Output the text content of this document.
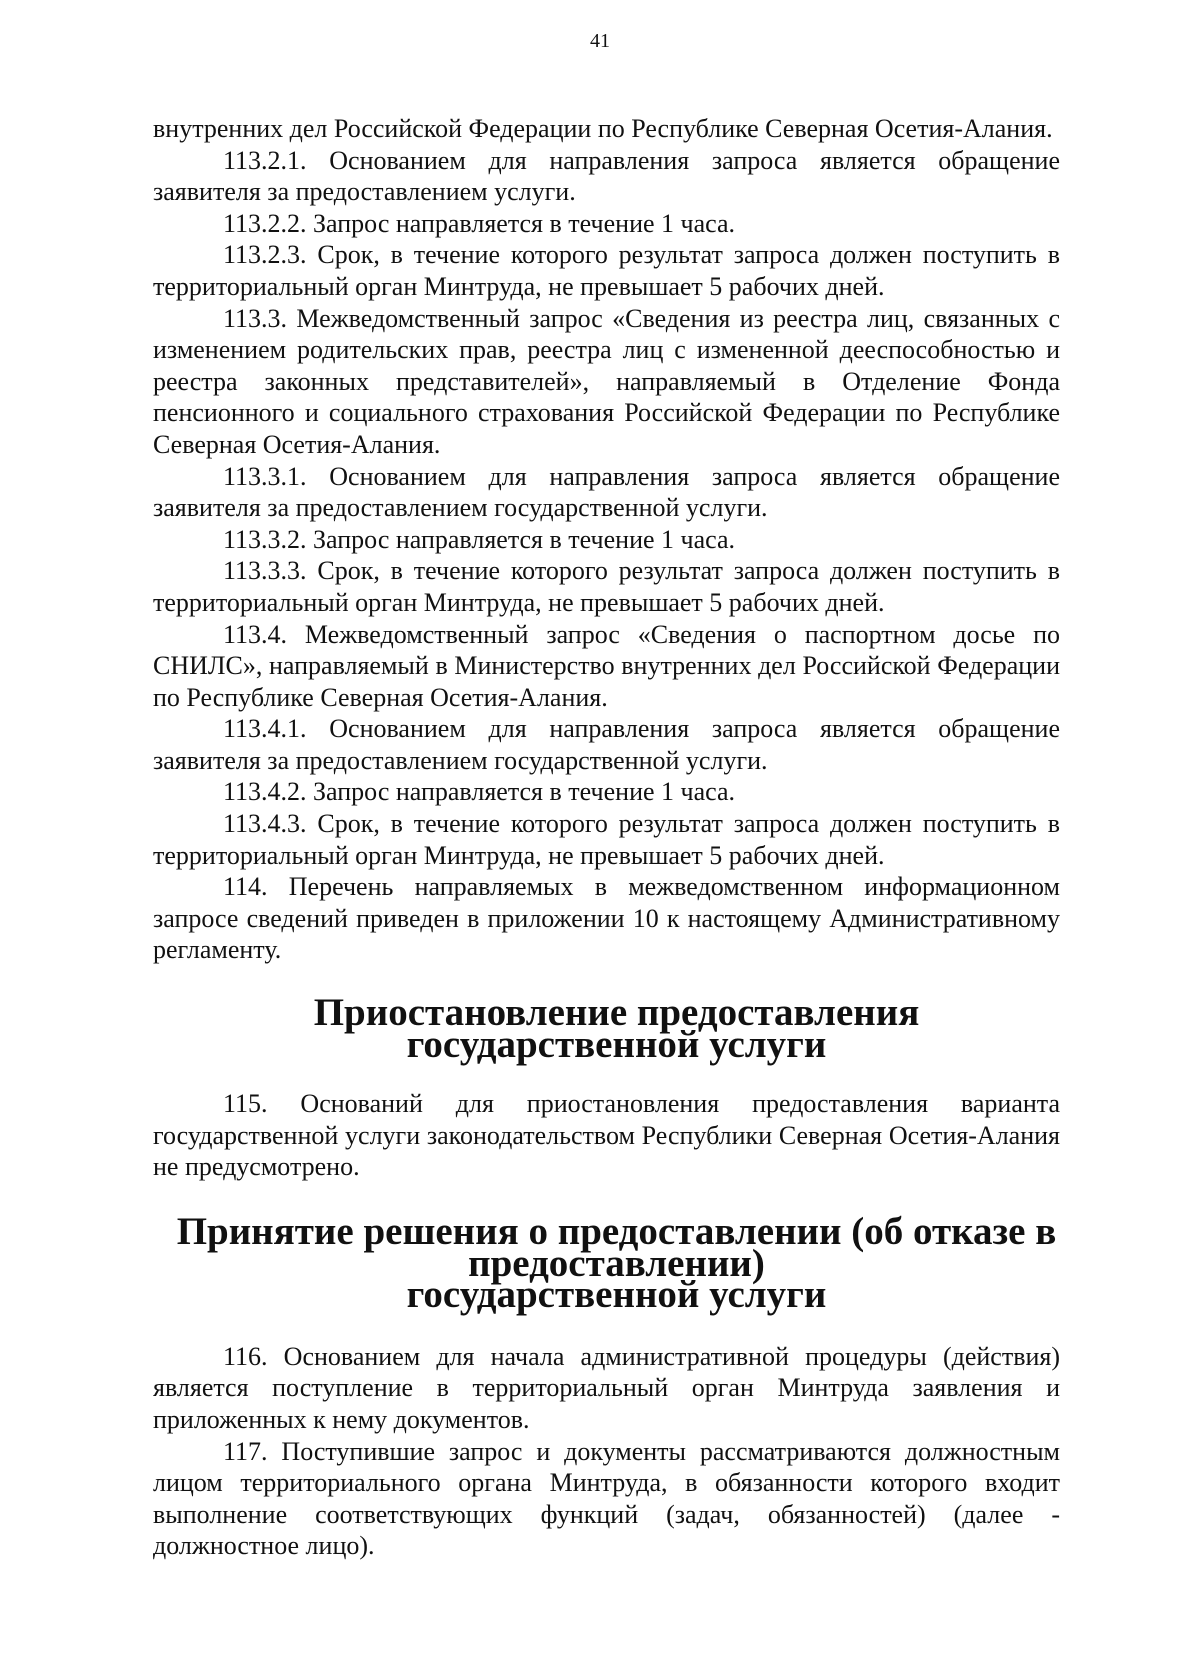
41

внутренних дел Российской Федерации по Республике Северная Осетия-Алания.

113.2.1. Основанием для направления запроса является обращение заявителя за предоставлением услуги.

113.2.2. Запрос направляется в течение 1 часа.

113.2.3. Срок, в течение которого результат запроса должен поступить в территориальный орган Минтруда, не превышает 5 рабочих дней.

113.3. Межведомственный запрос «Сведения из реестра лиц, связанных с изменением родительских прав, реестра лиц с измененной дееспособностью и реестра законных представителей», направляемый в Отделение Фонда пенсионного и социального страхования Российской Федерации по Республике Северная Осетия-Алания.

113.3.1. Основанием для направления запроса является обращение заявителя за предоставлением государственной услуги.

113.3.2. Запрос направляется в течение 1 часа.

113.3.3. Срок, в течение которого результат запроса должен поступить в территориальный орган Минтруда, не превышает 5 рабочих дней.

113.4. Межведомственный запрос «Сведения о паспортном досье по СНИЛС», направляемый в Министерство внутренних дел Российской Федерации по Республике Северная Осетия-Алания.

113.4.1. Основанием для направления запроса является обращение заявителя за предоставлением государственной услуги.

113.4.2. Запрос направляется в течение 1 часа.

113.4.3. Срок, в течение которого результат запроса должен поступить в территориальный орган Минтруда, не превышает 5 рабочих дней.

114. Перечень направляемых в межведомственном информационном запросе сведений приведен в приложении 10 к настоящему Административному регламенту.

Приостановление предоставления государственной услуги

115. Оснований для приостановления предоставления варианта государственной услуги законодательством Республики Северная Осетия-Алания не предусмотрено.

Принятие решения о предоставлении (об отказе в предоставлении)
государственной услуги

116. Основанием для начала административной процедуры (действия) является поступление в территориальный орган Минтруда заявления и приложенных к нему документов.

117. Поступившие запрос и документы рассматриваются должностным лицом территориального органа Минтруда, в обязанности которого входит выполнение соответствующих функций (задач, обязанностей) (далее - должностное лицо).
